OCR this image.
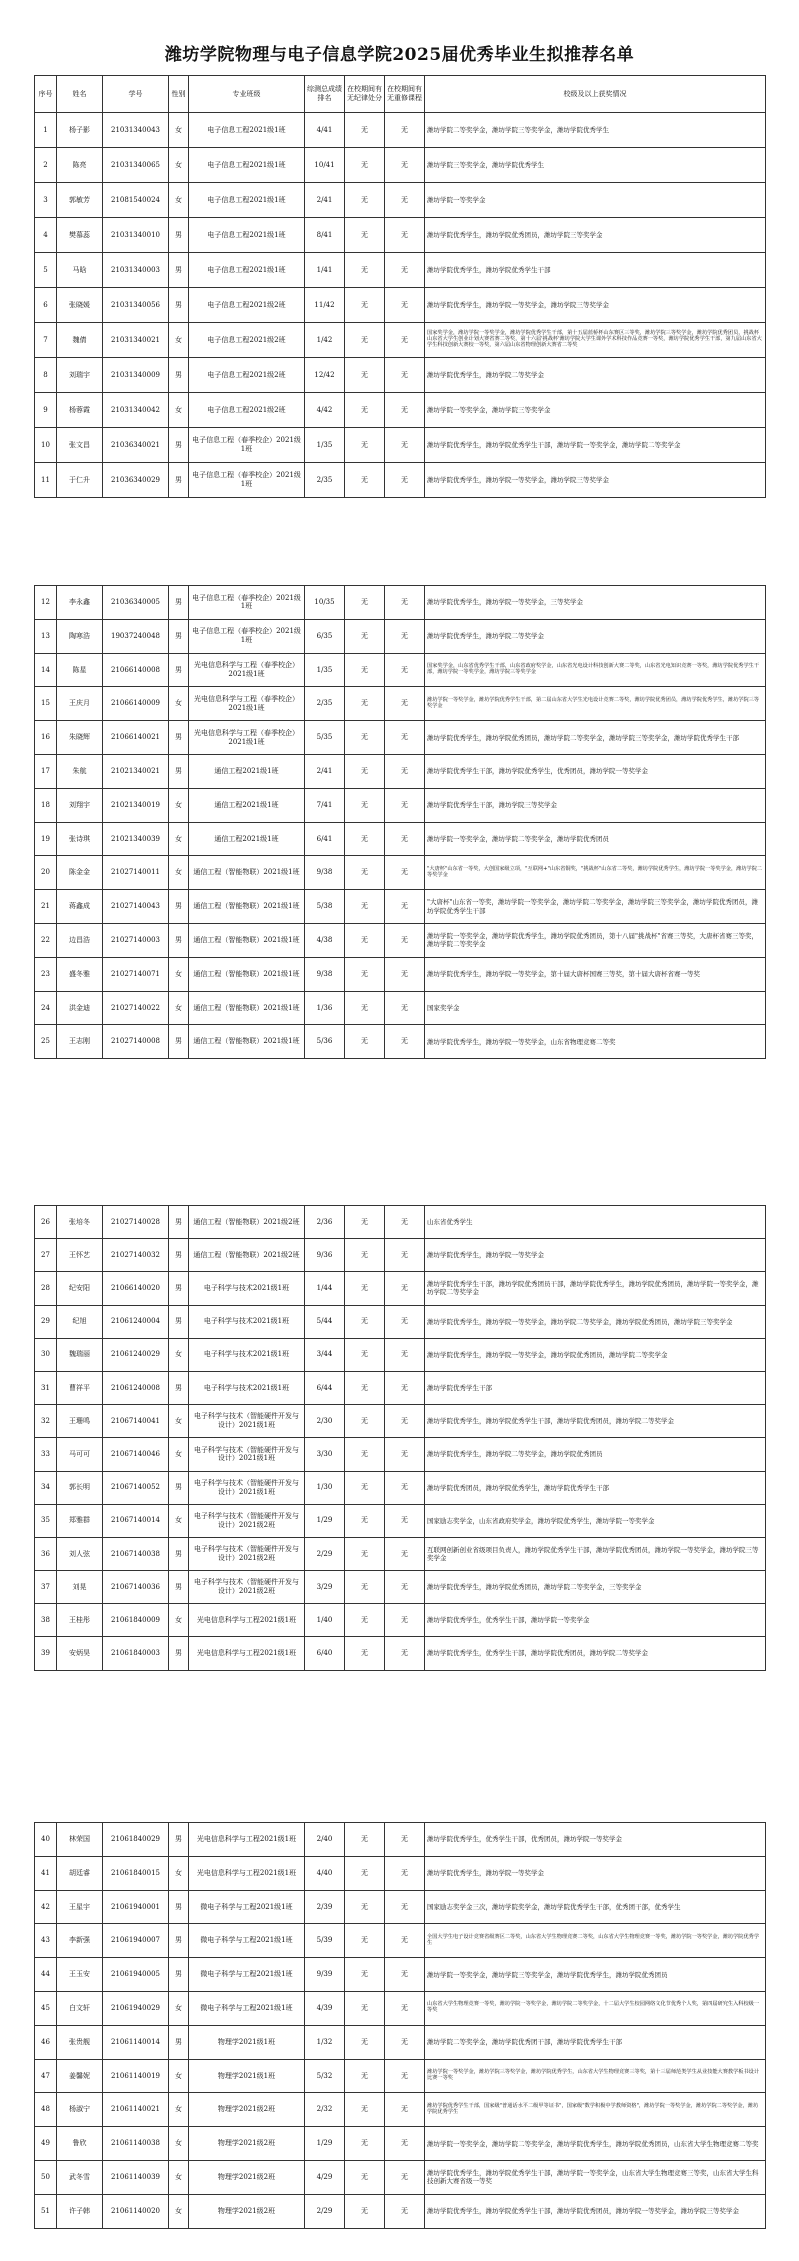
潍坊学院物理与电子信息学院2025届优秀毕业生拟推荐名单
序号	姓名	学号	性别	专业班级	综测总成绩排名	在校期间有无纪律处分	在校期间有无重修课程	校级及以上获奖情况
1	杨子影	21031340043	女	电子信息工程2021级1班	4/41	无	无	潍坊学院二等奖学金，潍坊学院三等奖学金，潍坊学院优秀学生
2	陈亮	21031340065	女	电子信息工程2021级1班	10/41	无	无	潍坊学院三等奖学金，潍坊学院优秀学生
3	郭敏芳	21081540024	女	电子信息工程2021级1班	2/41	无	无	潍坊学院一等奖学金
4	樊慕蕊	21031340010	男	电子信息工程2021级1班	8/41	无	无	潍坊学院优秀学生，潍坊学院优秀团员，潍坊学院三等奖学金
5	马晗	21031340003	男	电子信息工程2021级1班	1/41	无	无	潍坊学院优秀学生，潍坊学院优秀学生干部
6	张晓媛	21031340056	男	电子信息工程2021级2班	11/42	无	无	潍坊学院优秀学生，潍坊学院一等奖学金，潍坊学院三等奖学金
7	魏倩	21031340021	女	电子信息工程2021级2班	1/42	无	无	国家奖学金，潍坊学院一等奖学金，潍坊学院优秀学生干部，第十五届蓝桥杯山东赛区三等奖，潍坊学院三等奖学金，潍坊学院优秀团员，挑战杯山东省大学生创业计划大赛省赛二等奖，第十六届'挑战杯'潍坊学院大学生课外学术科技作品竞赛一等奖，潍坊学院优秀学生干部，第九届山东省大学生科技创新大赛校一等奖，第六届山东省物理创新大赛省二等奖
8	刘瑞宇	21031340009	男	电子信息工程2021级2班	12/42	无	无	潍坊学院优秀学生，潍坊学院二等奖学金
9	杨蓉霞	21031340042	女	电子信息工程2021级2班	4/42	无	无	潍坊学院一等奖学金，潍坊学院三等奖学金
10	张文昌	21036340021	男	电子信息工程（春季校企）2021级1班	1/35	无	无	潍坊学院优秀学生，潍坊学院优秀学生干部，潍坊学院一等奖学金，潍坊学院二等奖学金
11	于仁升	21036340029	男	电子信息工程（春季校企）2021级1班	2/35	无	无	潍坊学院优秀学生，潍坊学院一等奖学金，潍坊学院三等奖学金
12	李永鑫	21036340005	男	电子信息工程（春季校企）2021级1班	10/35	无	无	潍坊学院优秀学生，潍坊学院一等奖学金，三等奖学金
13	陶寒浩	19037240048	男	电子信息工程（春季校企）2021级1班	6/35	无	无	潍坊学院优秀学生，潍坊学院二等奖学金
14	陈星	21066140008	男	光电信息科学与工程（春季校企）2021级1班	1/35	无	无	国家奖学金，山东省优秀学生干部，山东省政府奖学金，山东省光电设计科技创新大赛二等奖，山东省光电知识竞赛一等奖，潍坊学院优秀学生干部，潍坊学院一等奖学金，潍坊学院三等奖学金
15	王庆月	21066140009	女	光电信息科学与工程（春季校企）2021级1班	2/35	无	无	潍坊学院一等奖学金，潍坊学院优秀学生干部，第二届山东省大学生光电设计竞赛二等奖，潍坊学院优秀团员，潍坊学院优秀学生，潍坊学院三等奖学金
16	朱晓辉	21066140021	男	光电信息科学与工程（春季校企）2021级1班	5/35	无	无	潍坊学院优秀学生，潍坊学院优秀团员，潍坊学院二等奖学金，潍坊学院三等奖学金，潍坊学院优秀学生干部
17	朱航	21021340021	男	通信工程2021级1班	2/41	无	无	潍坊学院优秀学生干部，潍坊学院优秀学生，优秀团员，潍坊学院一等奖学金
18	刘翔宇	21021340019	女	通信工程2021级1班	7/41	无	无	潍坊学院优秀学生干部，潍坊学院三等奖学金
19	张诗琪	21021340039	女	通信工程2021级1班	6/41	无	无	潍坊学院一等奖学金，潍坊学院二等奖学金，潍坊学院优秀团员
20	陈金金	21027140011	女	通信工程（智能物联）2021级1班	9/38	无	无	"大唐杯"山东省一等奖，大创国家级立项，"互联网+"山东省铜奖，"挑战杯"山东省二等奖，潍坊学院优秀学生，潍坊学院一等奖学金，潍坊学院二等奖学金
21	蒋鑫成	21027140043	男	通信工程（智能物联）2021级1班	5/38	无	无	"大唐杯"山东省一等奖，潍坊学院一等奖学金，潍坊学院二等奖学金，潍坊学院三等奖学金，潍坊学院优秀团员，潍坊学院优秀学生干部
22	边昌浩	21027140003	男	通信工程（智能物联）2021级1班	4/38	无	无	潍坊学院一等奖学金，潍坊学院优秀学生，潍坊学院优秀团员，第十八届"挑战杯"省赛三等奖，大唐杯省赛三等奖，潍坊学院二等奖学金
23	盛冬雅	21027140071	女	通信工程（智能物联）2021级1班	9/38	无	无	潍坊学院优秀学生，潍坊学院一等奖学金，第十届大唐杯国赛三等奖，第十届大唐杯省赛一等奖
24	洪金迪	21027140022	女	通信工程（智能物联）2021级1班	1/36	无	无	国家奖学金
25	王志刚	21027140008	男	通信工程（智能物联）2021级1班	5/36	无	无	潍坊学院优秀学生，潍坊学院一等奖学金，山东省物理竞赛二等奖
26	张培冬	21027140028	男	通信工程（智能物联）2021级2班	2/36	无	无	山东省优秀学生
27	王怀艺	21027140032	男	通信工程（智能物联）2021级2班	9/36	无	无	潍坊学院优秀学生，潍坊学院一等奖学金
28	纪安阳	21066140020	男	电子科学与技术2021级1班	1/44	无	无	潍坊学院优秀学生干部，潍坊学院优秀团员干部，潍坊学院优秀学生，潍坊学院优秀团员，潍坊学院一等奖学金，潍坊学院二等奖学金
29	纪旭	21061240004	男	电子科学与技术2021级1班	5/44	无	无	潍坊学院优秀学生，潍坊学院一等奖学金，潍坊学院二等奖学金，潍坊学院优秀团员，潍坊学院三等奖学金
30	魏瑞丽	21061240029	女	电子科学与技术2021级1班	3/44	无	无	潍坊学院优秀学生，潍坊学院一等奖学金，潍坊学院优秀团员，潍坊学院二等奖学金
31	曹祥平	21061240008	男	电子科学与技术2021级1班	6/44	无	无	潍坊学院优秀学生干部
32	王珊鸣	21067140041	女	电子科学与技术（智能硬件开发与设计）2021级1班	2/30	无	无	潍坊学院优秀学生，潍坊学院优秀学生干部，潍坊学院优秀团员，潍坊学院二等奖学金
33	马可可	21067140046	女	电子科学与技术（智能硬件开发与设计）2021级1班	3/30	无	无	潍坊学院优秀学生，潍坊学院二等奖学金，潍坊学院优秀团员
34	郭长明	21067140052	男	电子科学与技术（智能硬件开发与设计）2021级1班	1/30	无	无	潍坊学院优秀团员，潍坊学院优秀学生，潍坊学院优秀学生干部
35	郑雅群	21067140014	女	电子科学与技术（智能硬件开发与设计）2021级2班	1/29	无	无	国家励志奖学金，山东省政府奖学金，潍坊学院优秀学生，潍坊学院一等奖学金
36	刘人弦	21067140038	男	电子科学与技术（智能硬件开发与设计）2021级2班	2/29	无	无	互联网创新创业省级项目负责人，潍坊学院优秀学生干部，潍坊学院优秀团员，潍坊学院一等奖学金，潍坊学院三等奖学金
37	刘晃	21067140036	男	电子科学与技术（智能硬件开发与设计）2021级2班	3/29	无	无	潍坊学院优秀学生，潍坊学院优秀团员，潍坊学院二等奖学金，三等奖学金
38	王桂彤	21061840009	女	光电信息科学与工程2021级1班	1/40	无	无	潍坊学院优秀学生，优秀学生干部，潍坊学院一等奖学金
39	安炳昊	21061840003	男	光电信息科学与工程2021级1班	6/40	无	无	潍坊学院优秀学生，优秀学生干部，潍坊学院优秀团员，潍坊学院二等奖学金
40	林荣国	21061840029	男	光电信息科学与工程2021级1班	2/40	无	无	潍坊学院优秀学生，优秀学生干部，优秀团员，潍坊学院一等奖学金
41	胡廷睿	21061840015	女	光电信息科学与工程2021级1班	4/40	无	无	潍坊学院优秀学生，潍坊学院一等奖学金
42	王星宇	21061940001	男	微电子科学与工程2021级1班	2/39	无	无	国家励志奖学金三次，潍坊学院奖学金，潍坊学院优秀学生干部，优秀团干部，优秀学生
43	李新强	21061940007	男	微电子科学与工程2021级1班	5/39	无	无	全国大学生电子设计竞赛省级赛区二等奖，山东省大学生物理竞赛二等奖，山东省大学生物理竞赛一等奖，潍坊学院一等奖学金，潍坊学院优秀学生
44	王玉安	21061940005	男	微电子科学与工程2021级1班	9/39	无	无	潍坊学院一等奖学金，潍坊学院三等奖学金，潍坊学院优秀学生，潍坊学院优秀团员
45	白文轩	21061940029	女	微电子科学与工程2021级1班	4/39	无	无	山东省大学生物理竞赛一等奖，潍坊学院一等奖学金，潍坊学院二等奖学金，十二届大学生校园网络文化节优秀个人奖，第四届研究生入科校级一等奖
46	张贵舰	21061140014	男	物理学2021级1班	1/32	无	无	潍坊学院二等奖学金，潍坊学院优秀团干部，潍坊学院优秀学生干部
47	姜馨妮	21061140019	女	物理学2021级1班	5/32	无	无	潍坊学院一等奖学金，潍坊学院三等奖学金，潍坊学院优秀学生，山东省大学生物理竞赛三等奖，第十三届师范类学生从业技能大赛教学板书设计比赛一等奖
48	杨淑宁	21061140021	女	物理学2021级2班	2/32	无	无	潍坊学院优秀学生干部，国家级"普通话水平二级甲等证书"，国家级"数学积极中学教师资格"，潍坊学院一等奖学金，潍坊学院二等奖学金，潍坊学院优秀学生
49	鲁欣	21061140038	女	物理学2021级2班	1/29	无	无	潍坊学院一等奖学金，潍坊学院二等奖学金，潍坊学院优秀学生，潍坊学院优秀团员，山东省大学生物理竞赛二等奖
50	武冬雪	21061140039	女	物理学2021级2班	4/29	无	无	潍坊学院优秀学生，潍坊学院优秀学生干部，潍坊学院一等奖学金，山东省大学生物理竞赛三等奖，山东省大学生科技创新大赛省级一等奖
51	许子韩	21061140020	女	物理学2021级2班	2/29	无	无	潍坊学院优秀学生，潍坊学院优秀学生干部，潍坊学院优秀团员，潍坊学院一等奖学金，潍坊学院三等奖学金
